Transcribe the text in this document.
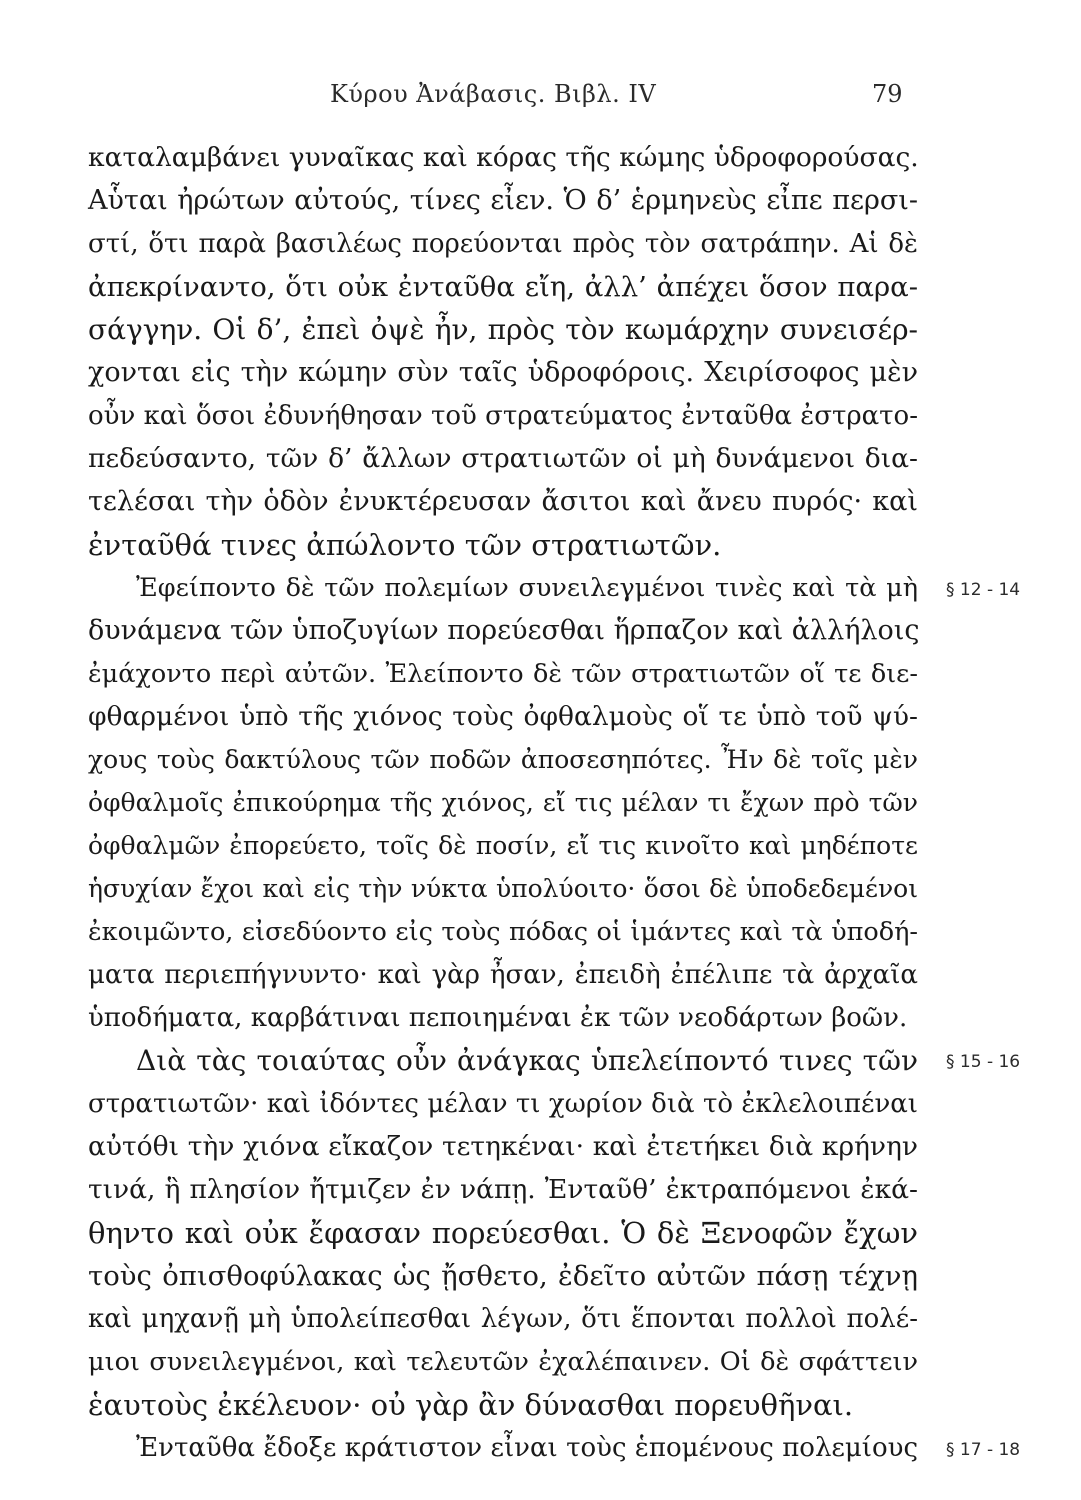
Κύρου Ἀνάβασις. Βιβλ. IV	79
καταλαμβάνει γυναῖκας καὶ κόρας τῆς κώμης ὑδροφορούσας.
Αὗται ἠρώτων αὐτούς, τίνες εἶεν. Ὁ δ’ ἑρμηνεὺς εἶπε περσι-
στί, ὅτι παρὰ βασιλέως πορεύονται πρὸς τὸν σατράπην. Αἱ δὲ
ἀπεκρίναντο, ὅτι οὐκ ἐνταῦθα εἴη, ἀλλ’ ἀπέχει ὅσον παρα-
σάγγην. Οἱ δ’, ἐπεὶ ὀψὲ ἦν, πρὸς τὸν κωμάρχην συνεισέρ-
χονται εἰς τὴν κώμην σὺν ταῖς ὑδροφόροις. Χειρίσοφος μὲν
οὖν καὶ ὅσοι ἐδυνήθησαν τοῦ στρατεύματος ἐνταῦθα ἐστρατο-
πεδεύσαντο, τῶν δ’ ἄλλων στρατιωτῶν οἱ μὴ δυνάμενοι δια-
τελέσαι τὴν ὁδὸν ἐνυκτέρευσαν ἄσιτοι καὶ ἄνευ πυρός· καὶ
ἐνταῦθά τινες ἀπώλοντο τῶν στρατιωτῶν.
Ἐφείποντο δὲ τῶν πολεμίων συνειλεγμένοι τινὲς καὶ τὰ μὴ
δυνάμενα τῶν ὑποζυγίων πορεύεσθαι ἥρπαζον καὶ ἀλλήλοις
ἐμάχοντο περὶ αὐτῶν. Ἐλείποντο δὲ τῶν στρατιωτῶν οἵ τε διε-
φθαρμένοι ὑπὸ τῆς χιόνος τοὺς ὀφθαλμοὺς οἵ τε ὑπὸ τοῦ ψύ-
χους τοὺς δακτύλους τῶν ποδῶν ἀποσεσηπότες. Ἦν δὲ τοῖς μὲν
ὀφθαλμοῖς ἐπικούρημα τῆς χιόνος, εἴ τις μέλαν τι ἔχων πρὸ τῶν
ὀφθαλμῶν ἐπορεύετο, τοῖς δὲ ποσίν, εἴ τις κινοῖτο καὶ μηδέποτε
ἡσυχίαν ἔχοι καὶ εἰς τὴν νύκτα ὑπολύοιτο· ὅσοι δὲ ὑποδεδεμένοι
ἐκοιμῶντο, εἰσεδύοντο εἰς τοὺς πόδας οἱ ἱμάντες καὶ τὰ ὑποδή-
ματα περιεπήγνυντο· καὶ γὰρ ἦσαν, ἐπειδὴ ἐπέλιπε τὰ ἀρχαῖα
ὑποδήματα, καρβάτιναι πεποιημέναι ἐκ τῶν νεοδάρτων βοῶν.
Διὰ τὰς τοιαύτας οὖν ἀνάγκας ὑπελείποντό τινες τῶν
στρατιωτῶν· καὶ ἰδόντες μέλαν τι χωρίον διὰ τὸ ἐκλελοιπέναι
αὐτόθι τὴν χιόνα εἴκαζον τετηκέναι· καὶ ἐτετήκει διὰ κρήνην
τινά, ἣ πλησίον ἤτμιζεν ἐν νάπῃ. Ἐνταῦθ’ ἐκτραπόμενοι ἐκά-
θηντο καὶ οὐκ ἔφασαν πορεύεσθαι. Ὁ δὲ Ξενοφῶν ἔχων
τοὺς ὀπισθοφύλακας ὡς ᾔσθετο, ἐδεῖτο αὐτῶν πάσῃ τέχνῃ
καὶ μηχανῇ μὴ ὑπολείπεσθαι λέγων, ὅτι ἕπονται πολλοὶ πολέ-
μιοι συνειλεγμένοι, καὶ τελευτῶν ἐχαλέπαινεν. Οἱ δὲ σφάττειν
ἑαυτοὺς ἐκέλευον· οὐ γὰρ ἂν δύνασθαι πορευθῆναι.
Ἐνταῦθα ἔδοξε κράτιστον εἶναι τοὺς ἑπομένους πολεμίους
§ 12 - 14
§ 15 - 16
§ 17 - 18
